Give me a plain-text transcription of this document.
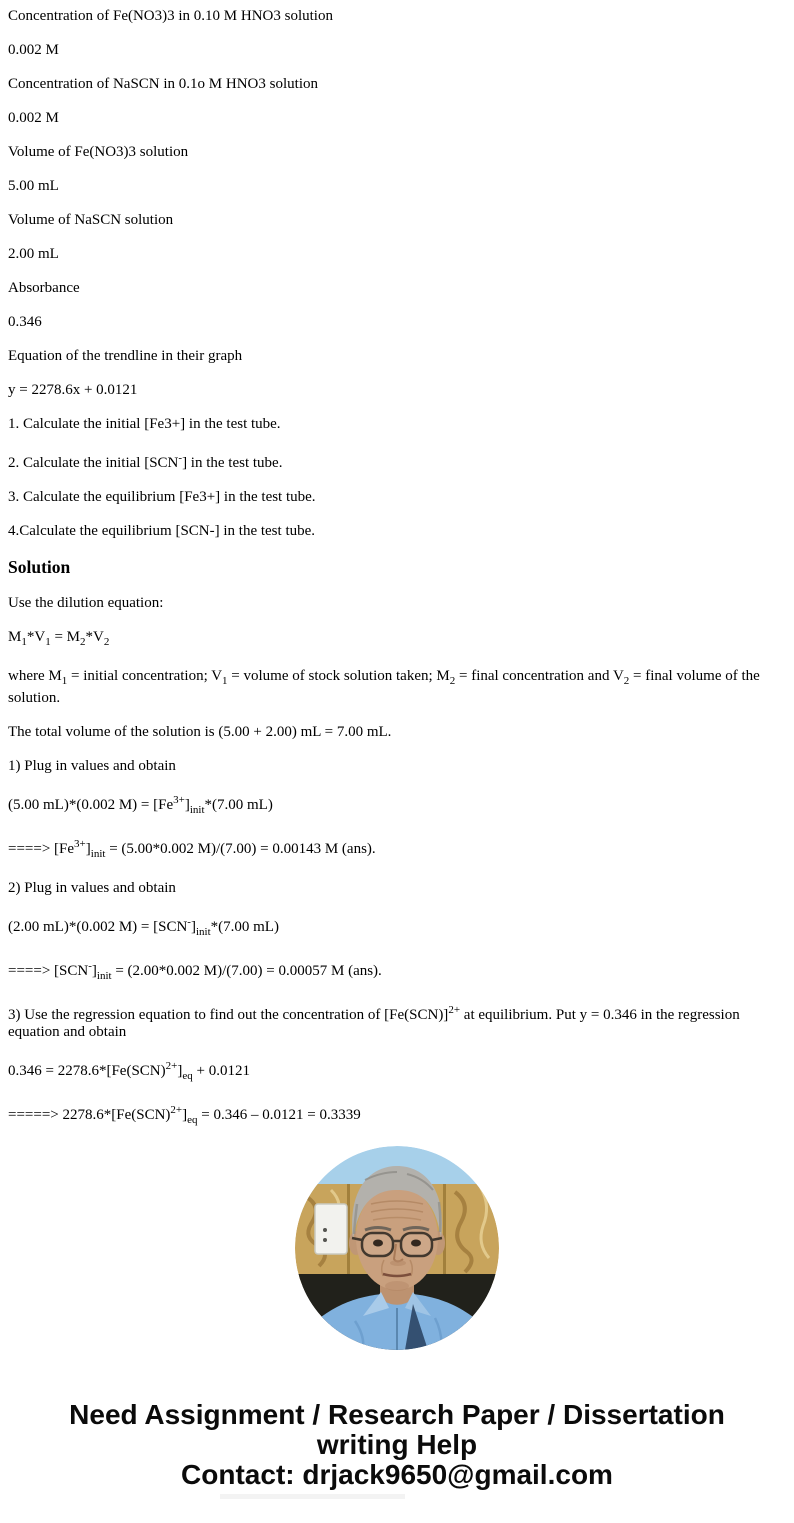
Concentration of Fe(NO3)3 in 0.10 M HNO3 solution

0.002 M

Concentration of NaSCN in 0.1o M HNO3 solution

0.002 M

Volume of Fe(NO3)3 solution

5.00 mL

Volume of NaSCN solution

2.00 mL

Absorbance

0.346

Equation of the trendline in their graph

y = 2278.6x + 0.0121

1. Calculate the initial [Fe3+] in the test tube.

2. Calculate the initial [SCN-] in the test tube.

3. Calculate the equilibrium [Fe3+] in the test tube.

4.Calculate the equilibrium [SCN-] in the test tube.

Solution

Use the dilution equation:

$M_1*V_1 = M_2*V_2$

where $M_1$ = initial concentration; $V_1$ = volume of stock solution taken; $M_2$ = final concentration and $V_2$ = final volume of the solution.

The total volume of the solution is (5.00 + 2.00) mL = 7.00 mL.

1) Plug in values and obtain

(5.00 mL)*(0.002 $M) = [Fe^{3+}]_{init}*(7.00$ mL)

====> $[Fe^{3+}]_{init} = (5.00*0.002$ M)/(7.00) = 0.00143 M (ans).

2) Plug in values and obtain

(2.00 mL)*(0.002 $M) = [SCN^-]_{init}*(7.00$ mL)

====> $[SCN^-]_{init} = (2.00*0.002$ M)/(7.00) = 0.00057 M (ans).

3) Use the regression equation to find out the concentration of $[Fe(SCN)]^{2+}$ at equilibrium. Put y = 0.346 in the regression equation and obtain

$0.346 = 2278.6*[Fe(SCN)^{2+}]_{eq} + 0.0121$

=====> $2278.6*[Fe(SCN)^{2+}]_{eq} = 0.346 - 0.0121 = 0.3339$

Need Assignment / Research Paper / Dissertation writing Help

Contact: drjack9650@gmail.com
